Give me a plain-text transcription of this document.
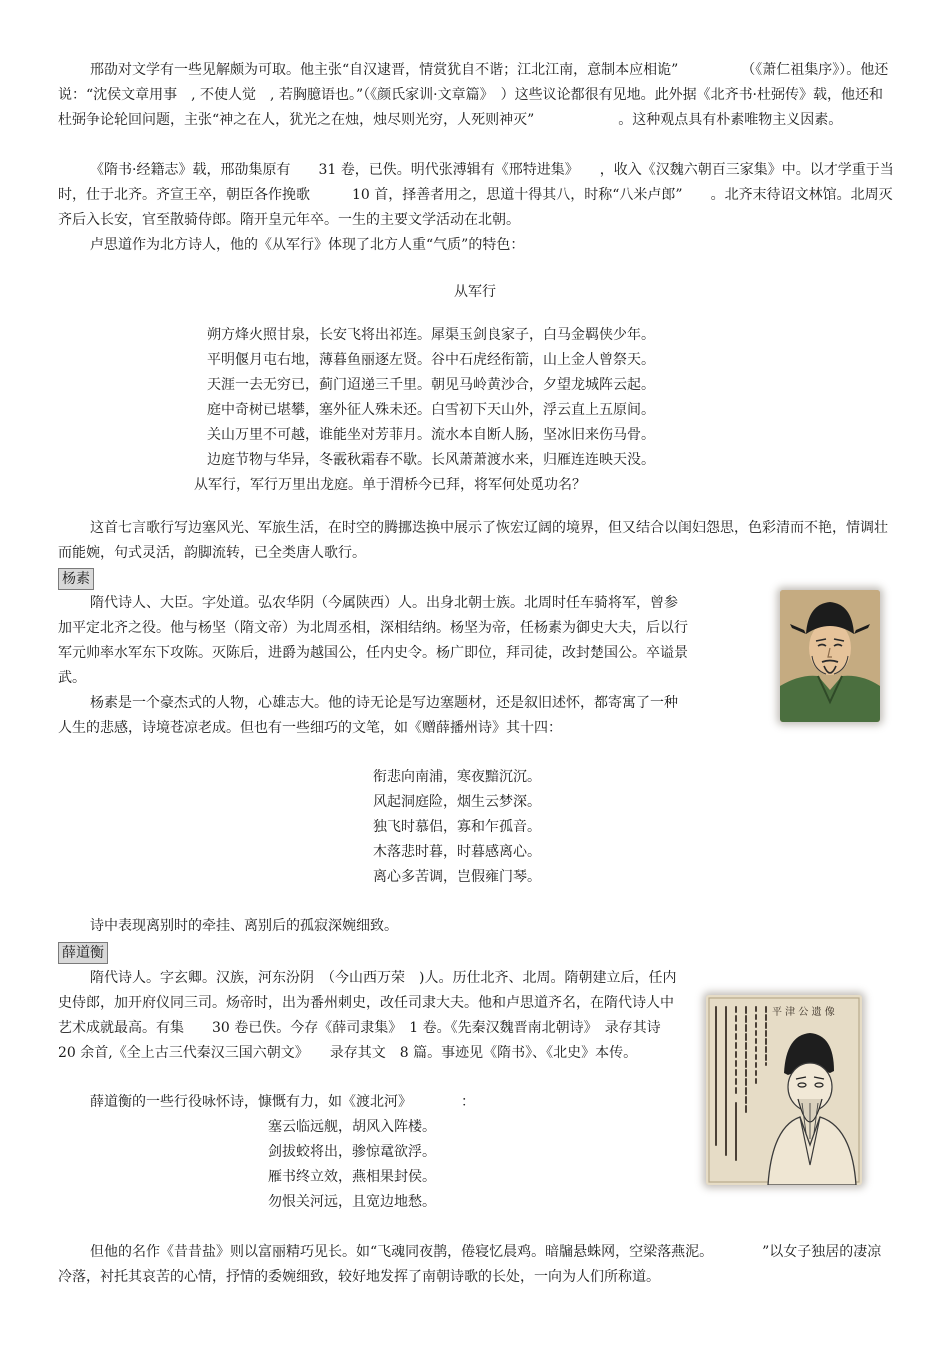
邢劭对文学有一些见解颇为可取。他主张“自汉逮晋，情赏犹自不谐；江北江南，意制本应相诡”　　　　　（《萧仁祖集序》）。他还说：“沈侯文章用事　, 不使人觉　, 若胸臆语也。”（《颜氏家训·文章篇》　）这些议论都很有见地。此外据《北齐书·杜弼传》载，他还和杜弼争论轮回问题，主张“神之在人，犹光之在烛，烛尽则光穷，人死则神灭”　　　　　　。这种观点具有朴素唯物主义因素。

《隋书·经籍志》载，邢劭集原有　　31 卷，已佚。明代张溥辑有《邢特进集》　　，收入《汉魏六朝百三家集》中。以才学重于当时，仕于北齐。齐宣王卒，朝臣各作挽歌　　　10 首，择善者用之，思道十得其八，时称“八米卢郎”　　。北齐末待诏文林馆。北周灭齐后入长安，官至散骑侍郎。隋开皇元年卒。一生的主要文学活动在北朝。

卢思道作为北方诗人，他的《从军行》体现了北方人重“气质”的特色：

从军行
朔方烽火照甘泉，长安飞将出祁连。犀渠玉剑良家子，白马金羁侠少年。
平明偃月屯右地，薄暮鱼丽逐左贤。谷中石虎经衔箭，山上金人曾祭天。
天涯一去无穷已，蓟门迢递三千里。朝见马岭黄沙合，夕望龙城阵云起。
庭中奇树已堪攀，塞外征人殊未还。白雪初下天山外，浮云直上五原间。
关山万里不可越，谁能坐对芳菲月。流水本自断人肠，坚冰旧来伤马骨。
边庭节物与华异，冬霰秋霜春不歇。长风萧萧渡水来，归雁连连映天没。
从军行，军行万里出龙庭。单于渭桥今已拜，将军何处觅功名？

这首七言歌行写边塞风光、军旅生活，在时空的腾挪迭换中展示了恢宏辽阔的境界，但又结合以闺妇怨思，色彩清而不艳，情调壮而能婉，句式灵活，韵脚流转，已全类唐人歌行。

杨素

隋代诗人、大臣。字处道。弘农华阴（今属陕西）人。出身北朝士族。北周时任车骑将军，曾参加平定北齐之役。他与杨坚（隋文帝）为北周丞相，深相结纳。杨坚为帝，任杨素为御史大夫，后以行军元帅率水军东下攻陈。灭陈后，进爵为越国公，任内史令。杨广即位，拜司徒，改封楚国公。卒谥景武。

杨素是一个豪杰式的人物，心雄志大。他的诗无论是写边塞题材，还是叙旧述怀，都寄寓了一种人生的悲感，诗境苍凉老成。但也有一些细巧的文笔，如《赠薛播州诗》其十四：

衔悲向南浦，寒夜黯沉沉。
风起洞庭险，烟生云梦深。
独飞时慕侣，寡和乍孤音。
木落悲时暮，时暮感离心。
离心多苦调，岂假雍门琴。

诗中表现离别时的牵挂、离别后的孤寂深婉细致。

薛道衡

隋代诗人。字玄卿。汉族，河东汾阴　（今山西万荣　)人。历仕北齐、北周。隋朝建立后，任内史侍郎，加开府仪同三司。炀帝时，出为番州刺史，改任司隶大夫。他和卢思道齐名，在隋代诗人中艺术成就最高。有集　　30 卷已佚。今存《薛司隶集》　1 卷。《先秦汉魏晋南北朝诗》　录存其诗　20 余首,《全上古三代秦汉三国六朝文》　　录存其文　8 篇。事迹见《隋书》、《北史》本传。

薛道衡的一些行役咏怀诗，慷慨有力，如《渡北河》　　　　：

平 津 公 遗 像
塞云临远舰，胡风入阵楼。
剑拔蛟将出，骖惊鼋欲浮。
雁书终立效，燕相果封侯。
勿恨关河远，且宽边地愁。

但他的名作《昔昔盐》则以富丽精巧见长。如“飞魂同夜鹊，倦寝忆晨鸡。暗牖悬蛛网，空梁落燕泥。　　　　”以女子独居的凄凉冷落，衬托其哀苦的心情，抒情的委婉细致，较好地发挥了南朝诗歌的长处，一向为人们所称道。
